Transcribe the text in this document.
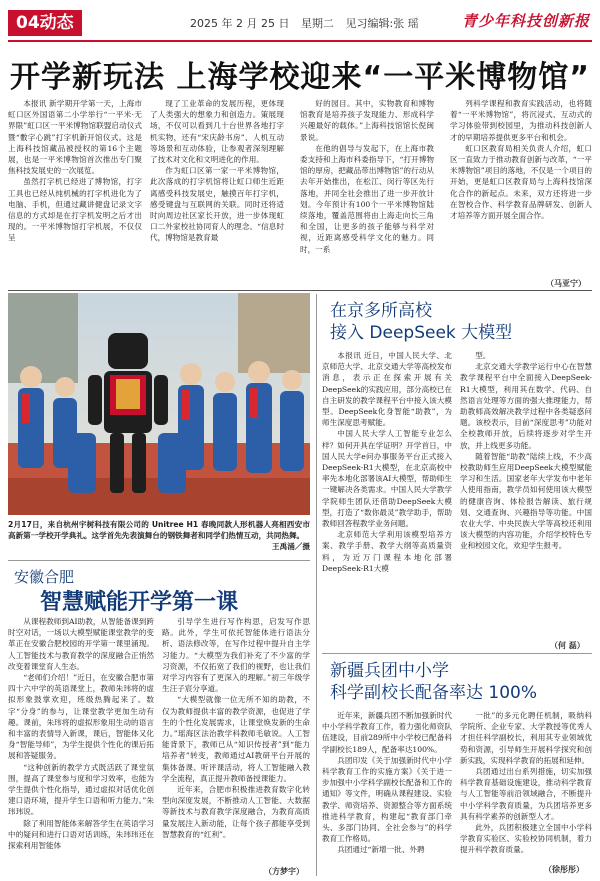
04动态	2025 年 2 月 25 日 星期二 见习编辑:张 瑶	青少年科技创新报
开学新玩法 上海学校迎来“一平米博物馆”

本报讯 新学期开学第一天，上海市虹口区外国语第二小学举行“一平米·无界限”虹口区一平米博物馆联盟启动仪式暨“數字心跳”打字机新开馆仪式。这是上海科技馆藏品被授权的第16个主题展，也是一平米博物馆首次推出专门聚焦科技发展史的一次展览。

虽然打字机已经进了博物馆，打字工具也已经从纯机械的打字机进化为了电脑、手机，但通过藏讲健盘记录文字信息的方式却是在打字机发明之后才出现的。一平米博物馆打字机展，不仅仅呈

现了工业革命的发展历程，更体现了人类强大的想象力和创造力。策展现场，不仅可以看到几十台世界各地打字机实物，还有“宋庆龄书房”、人机互动等场景和互动体验，让参观者深刻理解了技术对文化和文明进化的作用。

作为虹口区第一家一平米博物馆，此次落成的打字机馆将让虹口师生近距离感受科技发展史，触摸百年打字机，感受键盘与互联网的关联。同时还将适时向周边社区家长开放，进一步体现虹口二外家校社协同育人的理念。“信息时代，博物馆是教育最

好的园目。其中，实物教育和博物馆教育是培养孩子发现能力、形成科学兴趣最好的载体。”上海科技馆馆长倪闽景说。

在他的倡导与发起下，在上海市教委支持和上海市科委指导下，“打开博物馆的厚房，把藏品带出博物馆”的行动从去年开始推出，在松江、闵行等区先行落地，并同全社会推出了进一步开放计划。今年预计有100个一平米博物馆陆续落地，覆盖范围将由上海走向长三角和全国，让更多的孩子能够与科学对视，近距离感受科学文化的魅力。同时，一系

列科学课程和教育实践活动，也将随着“一平米博物馆”，将沉浸式、互动式的学习体验带到校园里，为推动科技创新人才的早期培养提供更多平台和机会。

虹口区教育局相关负责人介绍，虹口区一直致力于推动教育创新与改革，“一平米博物馆”项目的落地，不仅是一个项目的开始，更是虹口区教育局与上海科技馆深化合作的新起点。未来，双方还将进一步在智校合作、科学教育品牌研发、创新人才培养等方面开展全面合作。

（马亚宁）
2月17日，来自杭州宇树科技有限公司的 Unitree H1 春晚同款人形机器人亮相西安市高新第一学校开学典礼。这学首先先表演舞台的钢铁舞者和同学们热情互动，共同热舞。
王禹涌／摄
安徽合肥
智慧赋能开学第一课

从课程教师到AI助教，从智能备课到跨时空对话，一场以大模型赋能课堂教学的变革正在安徽合肥校园的开学第一课里涌现。人工智能技术与教育教学的深度融合正悄然改变着课堂育人生态。

“老师们介绍！”近日，在安徽合肥市第四十六中学的英语课堂上，教师朱玮将的虚拟形象鼓掌欢迎，班级热腾起来了。数字“分身”的参与，让课堂教学更加生动有趣。课前，朱玮将的虚拟形象用生动的语言和丰富的表情导入新课，课后，智能体又化身“智能导师”，为学生提供个性化的课后拓展和答疑服务。

“这种创新的教学方式既活跃了课堂氛围，提高了课堂参与度和学习效率，也能为学生提供个性化指导，通过虚拟对话优化创建口语环境，提升学生口语和听力能力。”朱玮玮说。

除了利用智能体来解答学生在英语学习中的疑问和进行口语对话训练，朱玮玮还在探索利用智能体

引导学生进行写作构思，启发写作思路。此外，学生可依托智能体进行语法分析、语法修改等，在写作过程中提升自主学习能力。“大模型为我们补充了不少富的学习资源，不仅拓宽了我们的视野，也让我们对学习内容有了更深入的理解。”初三年级学生汪子宸分享道。

“大模型就像一位无所不知的助教，不仅为教师提供丰富的教学资源，也促进了学生的个性化发展需求，让课堂焕发新的生命力。”瑶海区法治教学科教师毛敏说。人工智能背景下，教师已从“知识传授者”到“能力培养者”转变，教师通过AI教研平台开展的集体备课、听评课活动，将人工智能融入教学全流程，真正提升教师备授课能力。

近年来，合肥市积极推进教育数字化转型向深度发展，不断推动人工智能、大数据等新技术与教育教学深度融合，为教育高质量发展注入新动能，让每个孩子都能享受到智慧教育的“红利”。

（方梦宇）
在京多所高校
接入 DeepSeek 大模型

本报讯 近日，中国人民大学、北京师范大学、北京交通大学等高校发布消息，表示正在探索开展有关DeepSeek的实践应用，部分高校已在自主研发的教学课程平台中接入该大模型。DeepSeek化身智能“助教”，为师生深度思考赋能。

中国人民大学人工智能专业怎么样？如何开具在学证明？开学首日，中国人民大学e问办事服务平台正式接入DeepSeek-R1大模型，在北京高校中率先本地化部署该AI大模型，帮助师生一键解决各类需求。中国人民大学教学学院师生团队还借助DeepSeek大模型，打造了“数你最灵”教学助手，帮助教师回答程教学业务问题。

北京师范大学利用该模型培养方案、教学手册、教学大纲等高质量资料，为近万门课程本地化部署DeepSeek-R1大模

型。

北京交通大学教学运行中心在智慧教学课程平台中全面接入DeepSeek-R1大模型，利用其在数学、代码、自然语言处理等方面的强大推理能力，帮助教师高效解决教学过程中各类疑惑问题。该校表示，目前“深度思考”功能对全校教师开放，后续将逐步对学生开放，并上线更多功能。

随着智能“助教”陆续上线，不少高校教助师生应用DeepSeek大模型赋能学习和生活。国家老年大学发布中老年人使用指南，教学员如何使用该大模型的健康咨询、体检报告解读、旅行规划、交通查询、兴趣指导等功能。中国农业大学、中央民族大学等高校还利用该大模型的内容功能，介绍学校特色专业和校园文化，欢迎学生报考。

（何 磊）
新疆兵团中小学
科学副校长配备率达 100%

近年来，新疆兵团不断加强新时代中小学科学教育工作，着力强化师资队伍建设，目前289所中小学校已配备科学副校长189人，配备率达100%。

兵团印发《关于加强新时代中小学科学教育工作的实施方案》《关于进一步加强中小学科学副校长配备和工作的通知》等文件，明确从课程建设、实验教学、师资培养、资源整合等方面系统推进科学教育，构建起“教育部门牵头、多部门协同、全社会参与”的科学教育工作格局。

兵团通过“新增一批、外聘

一批”的多元化聘任机制，吸纳科学院所、企业专家、大学教授等优秀人才担任科学副校长，利用其专业领域优势和资源，引导师生开展科学探究和创新实践，实现科学教育的拓展和延伸。

兵团通过出台系列措施，切实加强科学教育基础设施建设，推动科学教育与人工智能等前沿领域融合，不断提升中小学科学教育质量，为兵团培养更多具有科学素养的创新型人才。

此外，兵团积极建立全国中小学科学教育实验区、实验校协同机制，着力提升科学教育质量。

（徐彤彤）
